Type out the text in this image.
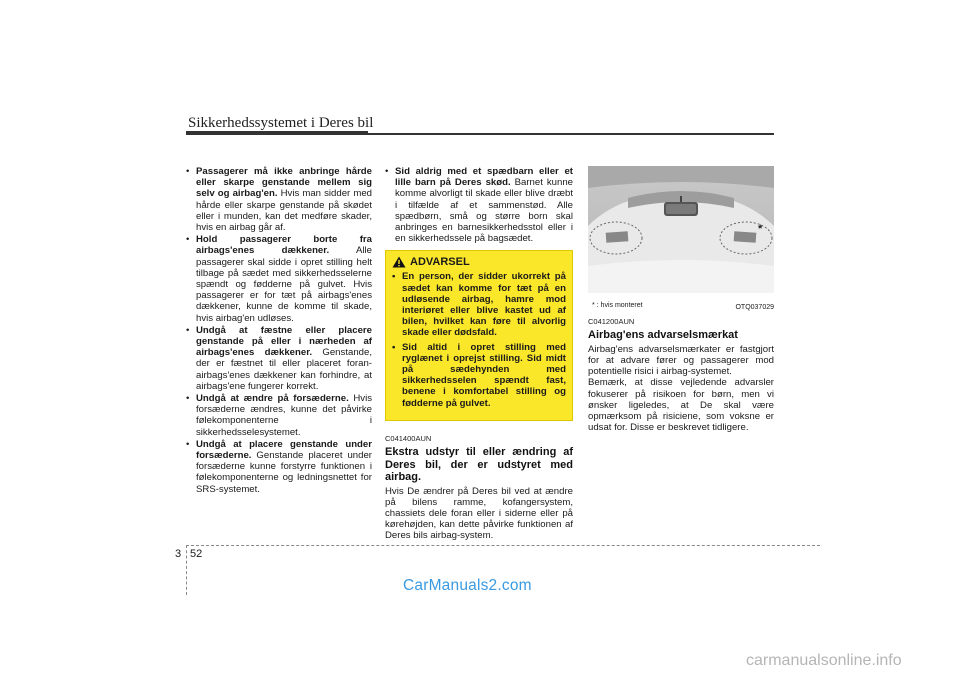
Sikkerhedssystemet i Deres bil
• Passagerer må ikke anbringe hårde eller skarpe genstande mellem sig selv og airbag'en. Hvis man sidder med hårde eller skarpe genstande på skødet eller i munden, kan det medføre skader, hvis en airbag går af.
• Hold passagerer borte fra airbags'enes dækkener. Alle passagerer skal sidde i opret stilling helt tilbage på sædet med sikkerhedsselerne spændt og fødderne på gulvet. Hvis passagerer er for tæt på airbags'enes dækkener, kunne de komme til skade, hvis airbag'en udløses.
• Undgå at fæstne eller placere genstande på eller i nærheden af airbags'enes dækkener. Genstande, der er fæstnet til eller placeret foran-airbags'enes dækkener kan forhindre, at airbags'ene fungerer korrekt.
• Undgå at ændre på forsæderne. Hvis forsæderne ændres, kunne det påvirke følekomponenterne i sikkerhedsselesystemet.
• Undgå at placere genstande under forsæderne. Genstande placeret under forsæderne kunne forstyrre funktionen i følekomponenterne og ledningsnettet for SRS-systemet.
• Sid aldrig med et spædbarn eller et lille barn på Deres skød. Barnet kunne komme alvorligt til skade eller blive dræbt i tilfælde af et sammenstød. Alle spædbørn, små og større born skal anbringes en barnesikkerhedsstol eller i en sikkerhedssele på bagsædet.
ADVARSEL
• En person, der sidder ukorrekt på sædet kan komme for tæt på en udløsende airbag, hamre mod interiøret eller blive kastet ud af bilen, hvilket kan føre til alvorlig skade eller dødsfald.
• Sid altid i opret stilling med ryglænet i oprejst stilling. Sid midt på sædehynden med sikkerhedsselen spændt fast, benene i komfortabel stilling og fødderne på gulvet.
C041400AUN
Ekstra udstyr til eller ændring af Deres bil, der er udstyret med airbag.
Hvis De ændrer på Deres bil ved at ændre på bilens ramme, kofangersystem, chassiets dele foran eller i siderne eller på kørehøjden, kan dette påvirke funktionen af Deres bils airbag-system.
*
* : hvis monteret	OTQ037029
C041200AUN
Airbag'ens advarselsmærkat
Airbag'ens advarselsmærkater er fastgjort for at advare fører og passagerer mod potentielle risici i airbag-systemet.
Bemærk, at disse vejledende advarsler fokuserer på risikoen for børn, men vi ønsker ligeledes, at De skal være opmærksom på risiciene, som voksne er udsat for. Disse er beskrevet tidligere.
3 52
CarManuals2.com
carmanualsonline.info
